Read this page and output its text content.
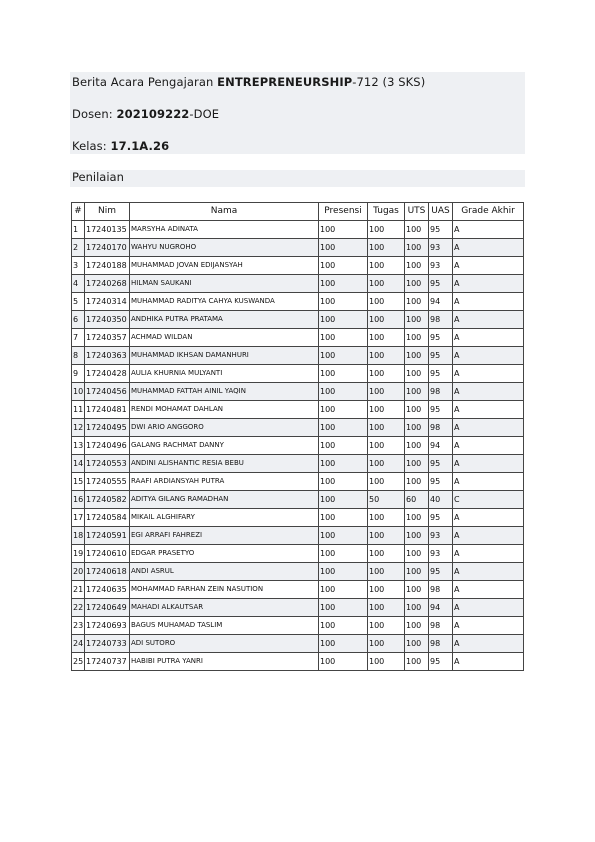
Berita Acara Pengajaran ENTREPRENEURSHIP-712 (3 SKS)
Dosen: 202109222-DOE
Kelas: 17.1A.26
Penilaian
#	Nim	Nama	Presensi	Tugas	UTS	UAS	Grade Akhir
1	17240135	MARSYHA ADINATA	100	100	100	95	A
2	17240170	WAHYU NUGROHO	100	100	100	93	A
3	17240188	MUHAMMAD JOVAN EDIJANSYAH	100	100	100	93	A
4	17240268	HILMAN SAUKANI	100	100	100	95	A
5	17240314	MUHAMMAD RADITYA CAHYA KUSWANDA	100	100	100	94	A
6	17240350	ANDHIKA PUTRA PRATAMA	100	100	100	98	A
7	17240357	ACHMAD WILDAN	100	100	100	95	A
8	17240363	MUHAMMAD IKHSAN DAMANHURI	100	100	100	95	A
9	17240428	AULIA KHURNIA MULYANTI	100	100	100	95	A
10	17240456	MUHAMMAD FATTAH AINIL YAQIN	100	100	100	98	A
11	17240481	RENDI MOHAMAT DAHLAN	100	100	100	95	A
12	17240495	DWI ARIO ANGGORO	100	100	100	98	A
13	17240496	GALANG RACHMAT DANNY	100	100	100	94	A
14	17240553	ANDINI ALISHANTIC RESIA BEBU	100	100	100	95	A
15	17240555	RAAFI ARDIANSYAH PUTRA	100	100	100	95	A
16	17240582	ADITYA GILANG RAMADHAN	100	50	60	40	C
17	17240584	MIKAIL ALGHIFARY	100	100	100	95	A
18	17240591	EGI ARRAFI FAHREZI	100	100	100	93	A
19	17240610	EDGAR PRASETYO	100	100	100	93	A
20	17240618	ANDI ASRUL	100	100	100	95	A
21	17240635	MOHAMMAD FARHAN ZEIN NASUTION	100	100	100	98	A
22	17240649	MAHADI ALKAUTSAR	100	100	100	94	A
23	17240693	BAGUS MUHAMAD TASLIM	100	100	100	98	A
24	17240733	ADI SUTORO	100	100	100	98	A
25	17240737	HABIBI PUTRA YANRI	100	100	100	95	A
